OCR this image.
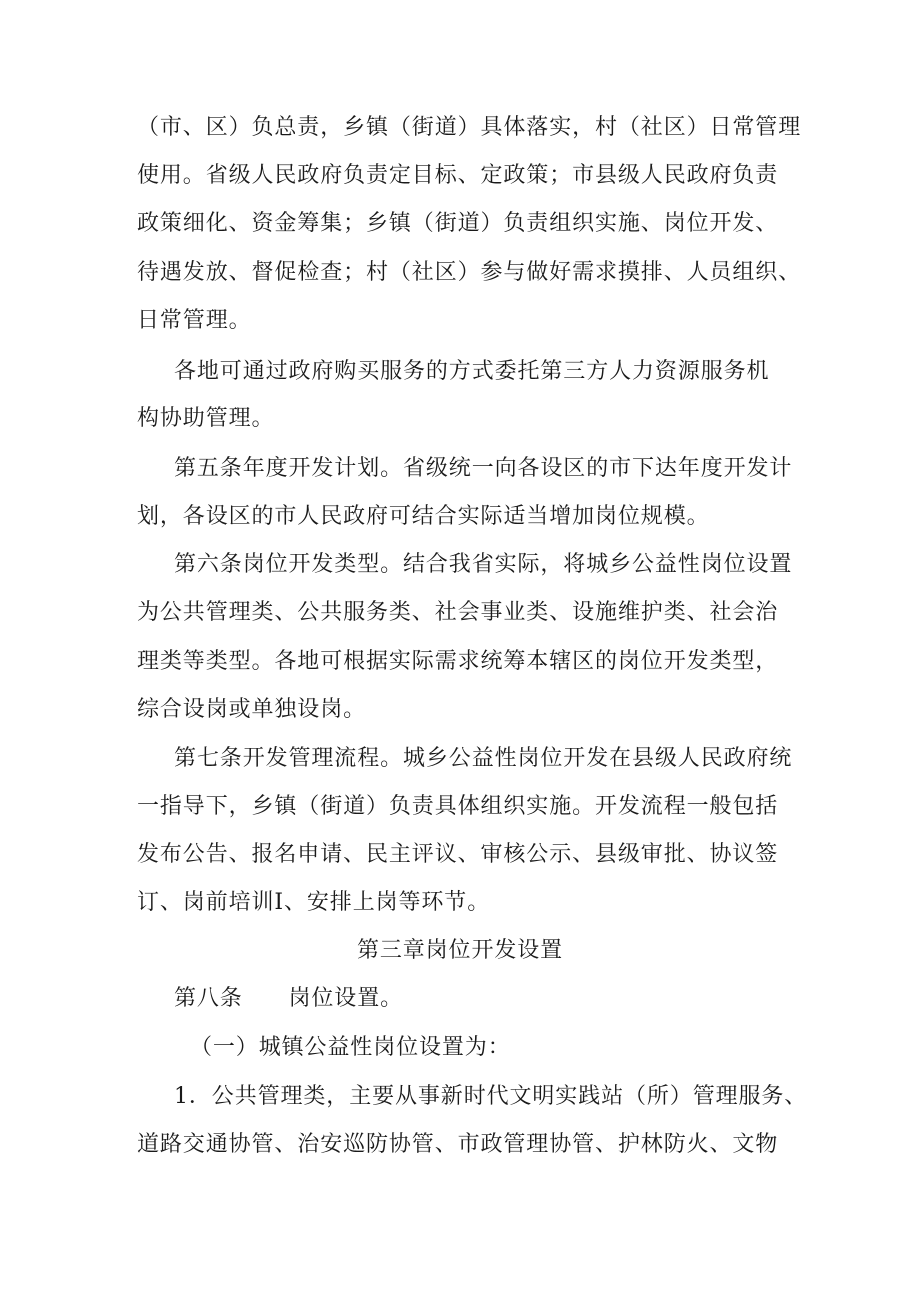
（市、区）负总责，乡镇（街道）具体落实，村（社区）日常管理
使用。省级人民政府负责定目标、定政策；市县级人民政府负责
政策细化、资金筹集；乡镇（街道）负责组织实施、岗位开发、
待遇发放、督促检查；村（社区）参与做好需求摸排、人员组织、
日常管理。
各地可通过政府购买服务的方式委托第三方人力资源服务机
构协助管理。
第五条年度开发计划。省级统一向各设区的市下达年度开发计
划，各设区的市人民政府可结合实际适当增加岗位规模。
第六条岗位开发类型。结合我省实际，将城乡公益性岗位设置
为公共管理类、公共服务类、社会事业类、设施维护类、社会治
理类等类型。各地可根据实际需求统筹本辖区的岗位开发类型，
综合设岗或单独设岗。
第七条开发管理流程。城乡公益性岗位开发在县级人民政府统
一指导下，乡镇（街道）负责具体组织实施。开发流程一般包括
发布公告、报名申请、民主评议、审核公示、县级审批、协议签
订、岗前培训I、安排上岗等环节。
第三章岗位开发设置
第八条　　岗位设置。
（一）城镇公益性岗位设置为：
1．公共管理类，主要从事新时代文明实践站（所）管理服务、
道路交通协管、治安巡防协管、市政管理协管、护林防火、文物
